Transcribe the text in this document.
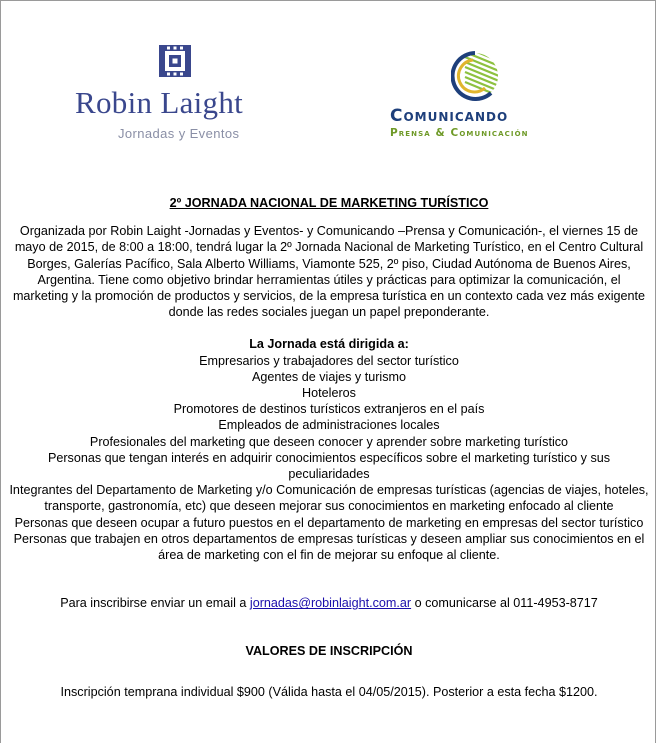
Robin Laight
Jornadas y Eventos
Comunicando
Prensa & Comunicación

2º JORNADA NACIONAL DE MARKETING TURÍSTICO

Organizada por Robin Laight -Jornadas y Eventos- y Comunicando –Prensa y Comunicación-, el viernes 15 de mayo de 2015, de 8:00 a 18:00, tendrá lugar la 2º Jornada Nacional de Marketing Turístico, en el Centro Cultural Borges, Galerías Pacífico, Sala Alberto Williams, Viamonte 525, 2º piso, Ciudad Autónoma de Buenos Aires, Argentina. Tiene como objetivo brindar herramientas útiles y prácticas para optimizar la comunicación, el marketing y la promoción de productos y servicios, de la empresa turística en un contexto cada vez más exigente donde las redes sociales juegan un papel preponderante.

La Jornada está dirigida a:

Empresarios y trabajadores del sector turístico
Agentes de viajes y turismo
Hoteleros
Promotores de destinos turísticos extranjeros en el país
Empleados de administraciones locales
Profesionales del marketing que deseen conocer y aprender sobre marketing turístico
Personas que tengan interés en adquirir conocimientos específicos sobre el marketing turístico y sus peculiaridades
Integrantes del Departamento de Marketing y/o Comunicación de empresas turísticas (agencias de viajes, hoteles, transporte, gastronomía, etc) que deseen mejorar sus conocimientos en marketing enfocado al cliente
Personas que deseen ocupar a futuro puestos en el departamento de marketing en empresas del sector turístico
Personas que trabajen en otros departamentos de empresas turísticas y deseen ampliar sus conocimientos en el área de marketing con el fin de mejorar su enfoque al cliente.

Para inscribirse enviar un email a jornadas@robinlaight.com.ar o comunicarse al 011-4953-8717

VALORES DE INSCRIPCIÓN

Inscripción temprana individual $900 (Válida hasta el 04/05/2015). Posterior a esta fecha $1200.
